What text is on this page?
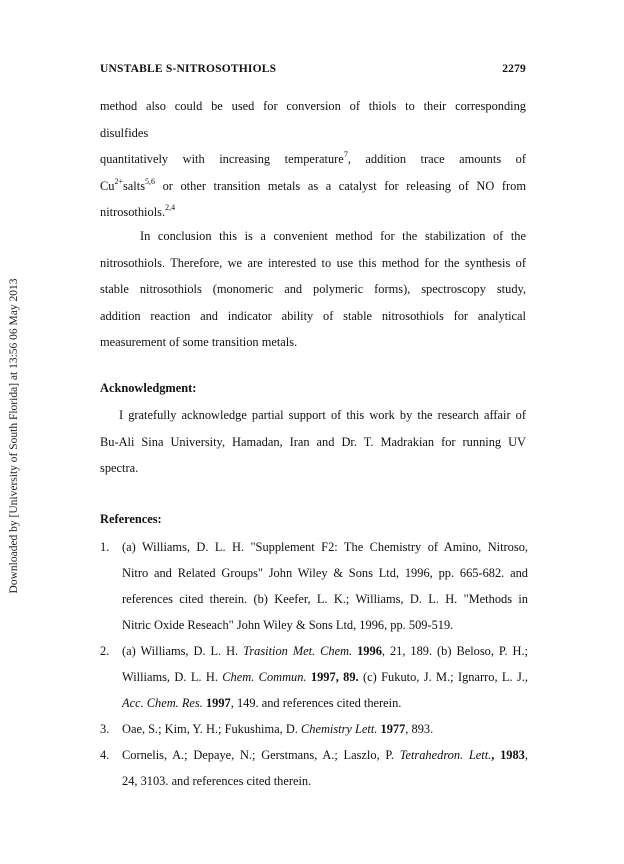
Downloaded by [University of South Florida] at 13:56 06 May 2013
UNSTABLE S-NITROSOTHIOLS	2279
method also could be used for conversion of thiols to their corresponding
disulfides
quantitatively with increasing temperature$^7$, addition trace amounts of
$Cu^{2+}salts^{5,6}$ or other transition metals as a catalyst for releasing of NO from
nitrosothiols.$^{2,4}$
In conclusion this is a convenient method for the stabilization of the
nitrosothiols. Therefore, we are interested to use this method for the synthesis of
stable nitrosothiols (monomeric and polymeric forms), spectroscopy study,
addition reaction and indicator ability of stable nitrosothiols for analytical
measurement of some transition metals.
Acknowledgment:
I gratefully acknowledge partial support of this work by the research affair of
Bu-Ali Sina University, Hamadan, Iran and Dr. T. Madrakian for running UV
spectra.
References:
1. (a) Williams, D. L. H. "Supplement F2: The Chemistry of Amino, Nitroso,
Nitro and Related Groups" John Wiley & Sons Ltd, 1996, pp. 665-682. and
references cited therein. (b) Keefer, L. K.; Williams, D. L. H. "Methods in
Nitric Oxide Reseach" John Wiley & Sons Ltd, 1996, pp. 509-519.
2. (a) Williams, D. L. H. Trasition Met. Chem. 1996, 21, 189. (b) Beloso, P. H.;
Williams, D. L. H. Chem. Commun. 1997, 89. (c) Fukuto, J. M.; Ignarro, L. J.,
Acc. Chem. Res. 1997, 149. and references cited therein.
3. Oae, S.; Kim, Y. H.; Fukushima, D. Chemistry Lett. 1977, 893.
4. Cornelis, A.; Depaye, N.; Gerstmans, A.; Laszlo, P. Tetrahedron. Lett., 1983,
24, 3103. and references cited therein.
